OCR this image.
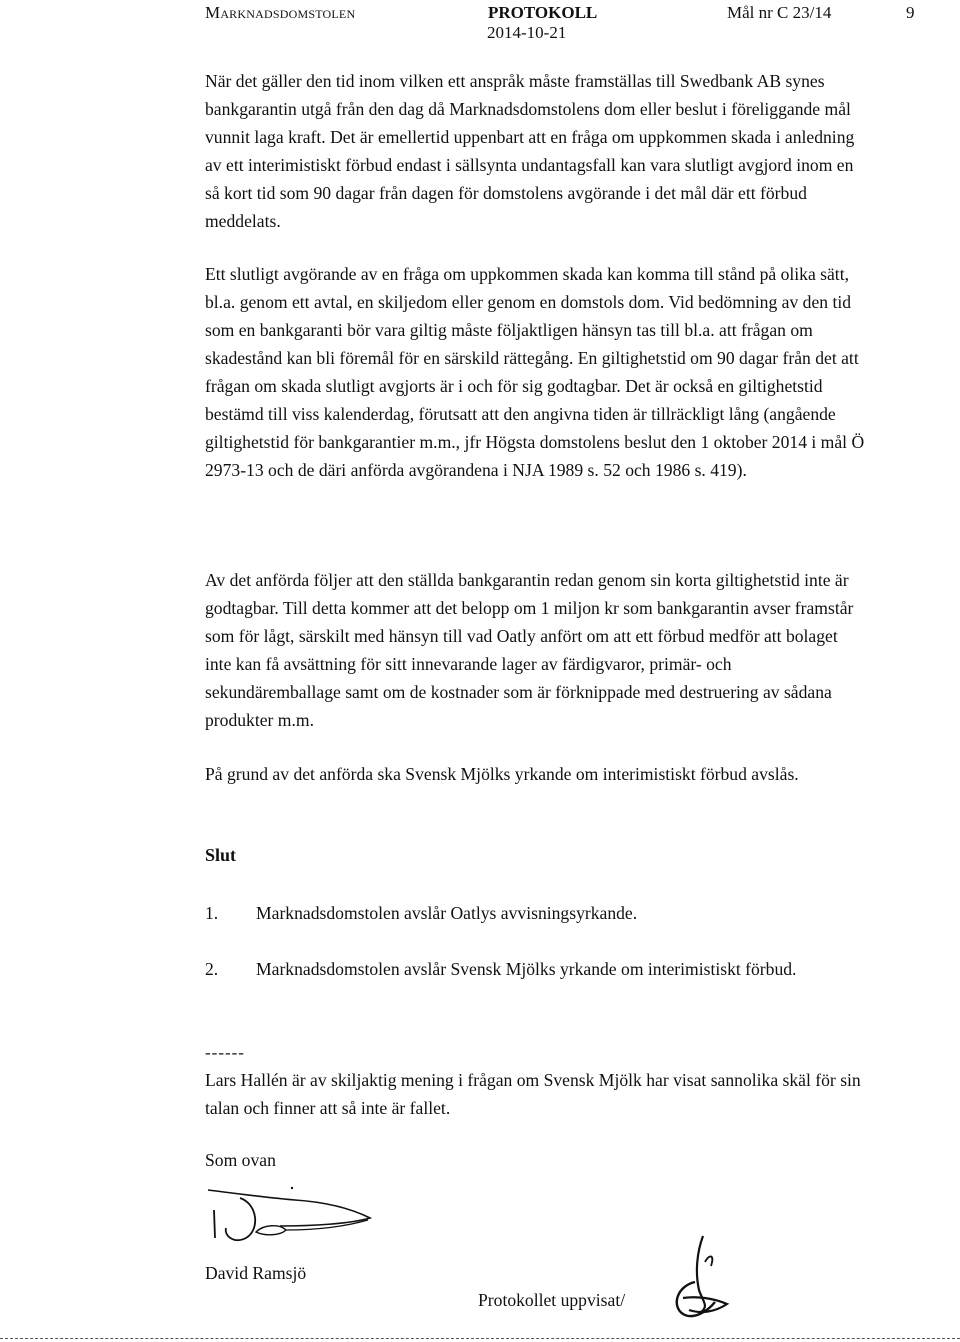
Marknadsdomstolen	PROTOKOLL
2014-10-21
Mål nr C 23/14	9

När det gäller den tid inom vilken ett anspråk måste framställas till Swedbank AB synes bankgarantin utgå från den dag då Marknadsdomstolens dom eller beslut i föreliggande mål vunnit laga kraft. Det är emellertid uppenbart att en fråga om uppkommen skada i anledning av ett interimistiskt förbud endast i sällsynta undantagsfall kan vara slutligt avgjord inom en så kort tid som 90 dagar från dagen för domstolens avgörande i det mål där ett förbud meddelats.

Ett slutligt avgörande av en fråga om uppkommen skada kan komma till stånd på olika sätt, bl.a. genom ett avtal, en skiljedom eller genom en domstols dom. Vid bedömning av den tid som en bankgaranti bör vara giltig måste följaktligen hänsyn tas till bl.a. att frågan om skadestånd kan bli föremål för en särskild rättegång. En giltighetstid om 90 dagar från det att frågan om skada slutligt avgjorts är i och för sig godtagbar. Det är också en giltighetstid bestämd till viss kalenderdag, förutsatt att den angivna tiden är tillräckligt lång (angående giltighetstid för bankgarantier m.m., jfr Högsta domstolens beslut den 1 oktober 2014 i mål Ö 2973-13 och de däri anförda avgörandena i NJA 1989 s. 52 och 1986 s. 419).

Av det anförda följer att den ställda bankgarantin redan genom sin korta giltighetstid inte är godtagbar. Till detta kommer att det belopp om 1 miljon kr som bankgarantin avser framstår som för lågt, särskilt med hänsyn till vad Oatly anfört om att ett förbud medför att bolaget inte kan få avsättning för sitt innevarande lager av färdigvaror, primär- och sekundäremballage samt om de kostnader som är förknippade med destruering av sådana produkter m.m.

På grund av det anförda ska Svensk Mjölks yrkande om interimistiskt förbud avslås.

Slut
1. Marknadsdomstolen avslår Oatlys avvisningsyrkande.
2. Marknadsdomstolen avslår Svensk Mjölks yrkande om interimistiskt förbud.
------

Lars Hallén är av skiljaktig mening i frågan om Svensk Mjölk har visat sannolika skäl för sin talan och finner att så inte är fallet.

Som ovan
David Ramsjö
Protokollet uppvisat/
